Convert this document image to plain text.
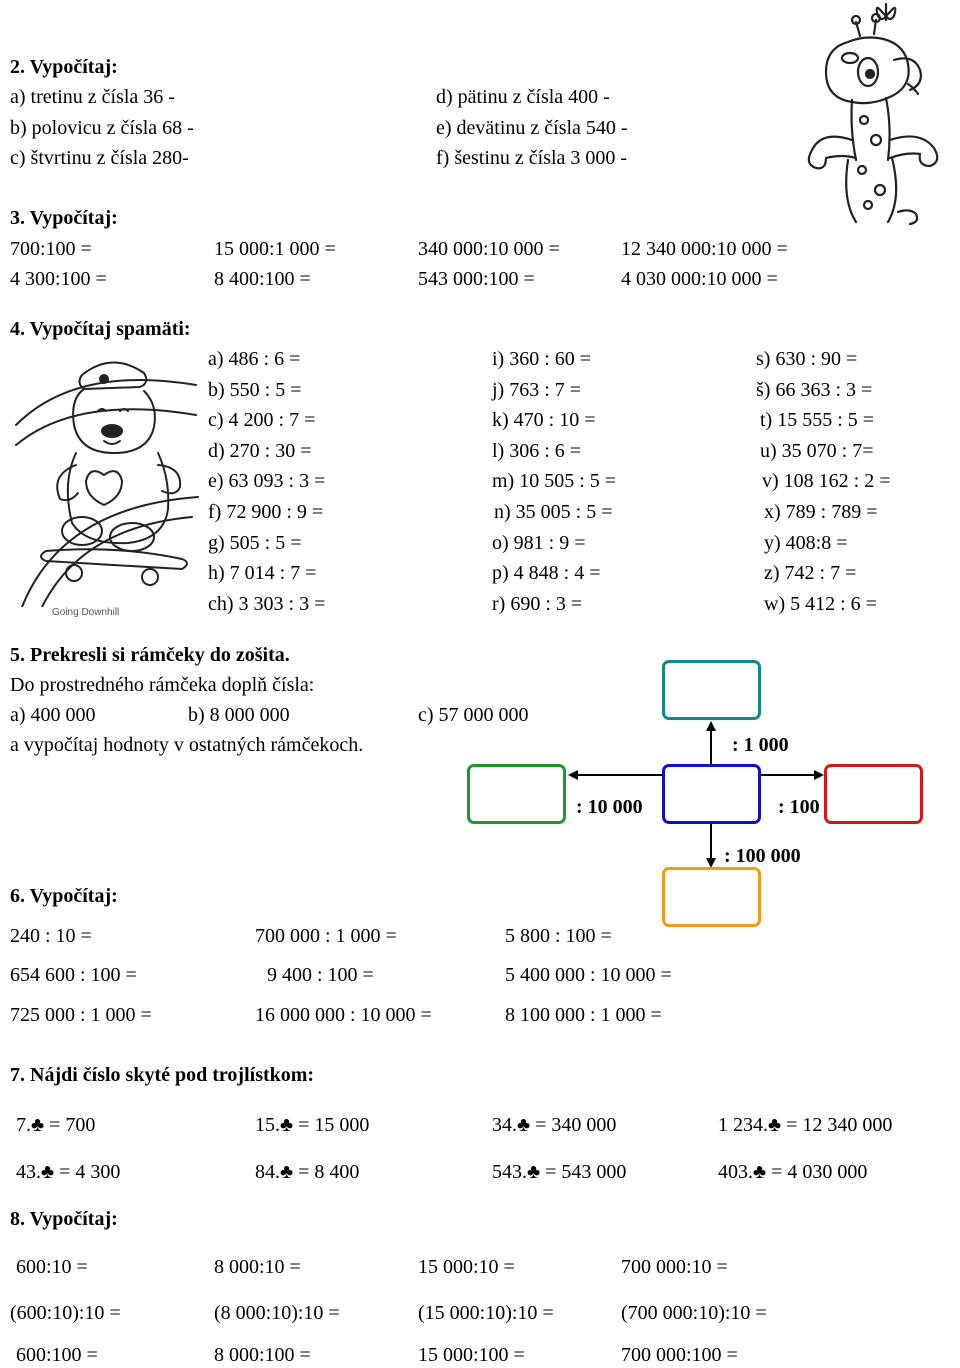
2. Vypočítaj:
a) tretinu z čísla 36 -
b) polovicu z čísla 68 -
c) štvrtinu z čísla 280-
d) pätinu z čísla 400 -
e) devätinu z čísla 540 -
f) šestinu z čísla 3 000 -
3. Vypočítaj:
700:100 =	15 000:1 000 =	340 000:10 000 =	12 340 000:10 000 =
4 300:100 =	8 400:100 =	543 000:100 =	4 030 000:10 000 =
4. Vypočítaj spamäti:
a) 486 : 6 =
b) 550 : 5 =
c) 4 200 : 7 =
d) 270 : 30 =
e) 63 093 : 3 =
f) 72 900 : 9 =
g) 505 : 5 =
h) 7 014 : 7 =
ch) 3 303 : 3 =
i) 360 : 60 =
j) 763 : 7 =
k) 470 : 10 =
l) 306 : 6 =
m) 10 505 : 5 =
n) 35 005 : 5 =
o) 981 : 9 =
p) 4 848 : 4 =
r) 690 : 3 =
s) 630 : 90 =
š) 66 363 : 3 =
t) 15 555 : 5 =
u) 35 070 : 7=
v) 108 162 : 2 =
x) 789 : 789 =
y) 408:8 =
z) 742 : 7 =
w) 5 412 : 6 =
Going Downhill
5. Prekresli si rámčeky do zošita.
Do prostredného rámčeka doplň čísla:
a) 400 000	b) 8 000 000	c) 57 000 000
a vypočítaj hodnoty v ostatných rámčekoch.	: 1 000
: 10 000	: 100
: 100 000
6. Vypočítaj:
240 : 10 =	700 000 : 1 000 =	5 800 : 100 =
654 600 : 100 =	9 400 : 100 =	5 400 000 : 10 000 =
725 000 : 1 000 =	16 000 000 : 10 000 =	8 100 000 : 1 000 =
7. Nájdi číslo skyté pod trojlístkom:
7.♣ = 700	15.♣ = 15 000	34.♣ = 340 000	1 234.♣ = 12 340 000
43.♣ = 4 300	84.♣ = 8 400	543.♣ = 543 000	403.♣ = 4 030 000
8. Vypočítaj:
600:10 =	8 000:10 =	15 000:10 =	700 000:10 =
(600:10):10 =	(8 000:10):10 =	(15 000:10):10 =	(700 000:10):10 =
600:100 =	8 000:100 =	15 000:100 =	700 000:100 =
